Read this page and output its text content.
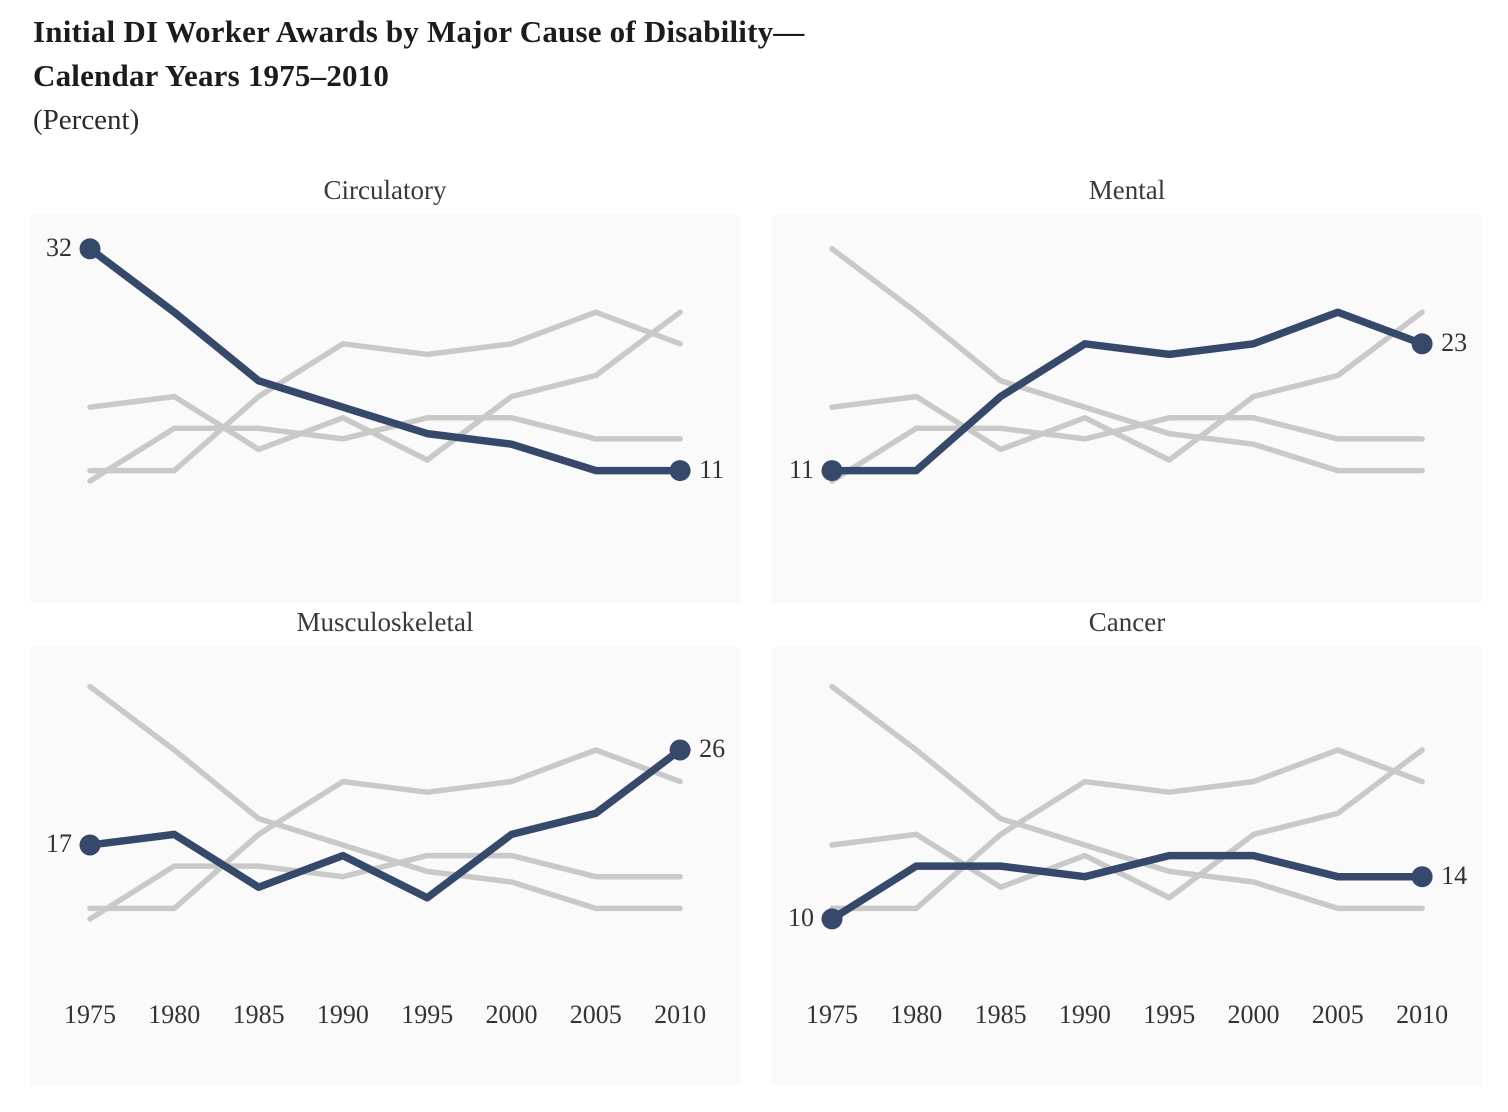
Initial DI Worker Awards by Major Cause of Disability—
Calendar Years 1975–2010
(Percent)
Circulatory
32
11
Mental
11
23
Musculoskeletal
17
26
1975	1980	1985	1990	1995	2000	2005	2010
Cancer
10
14
1975	1980	1985	1990	1995	2000	2005	2010
